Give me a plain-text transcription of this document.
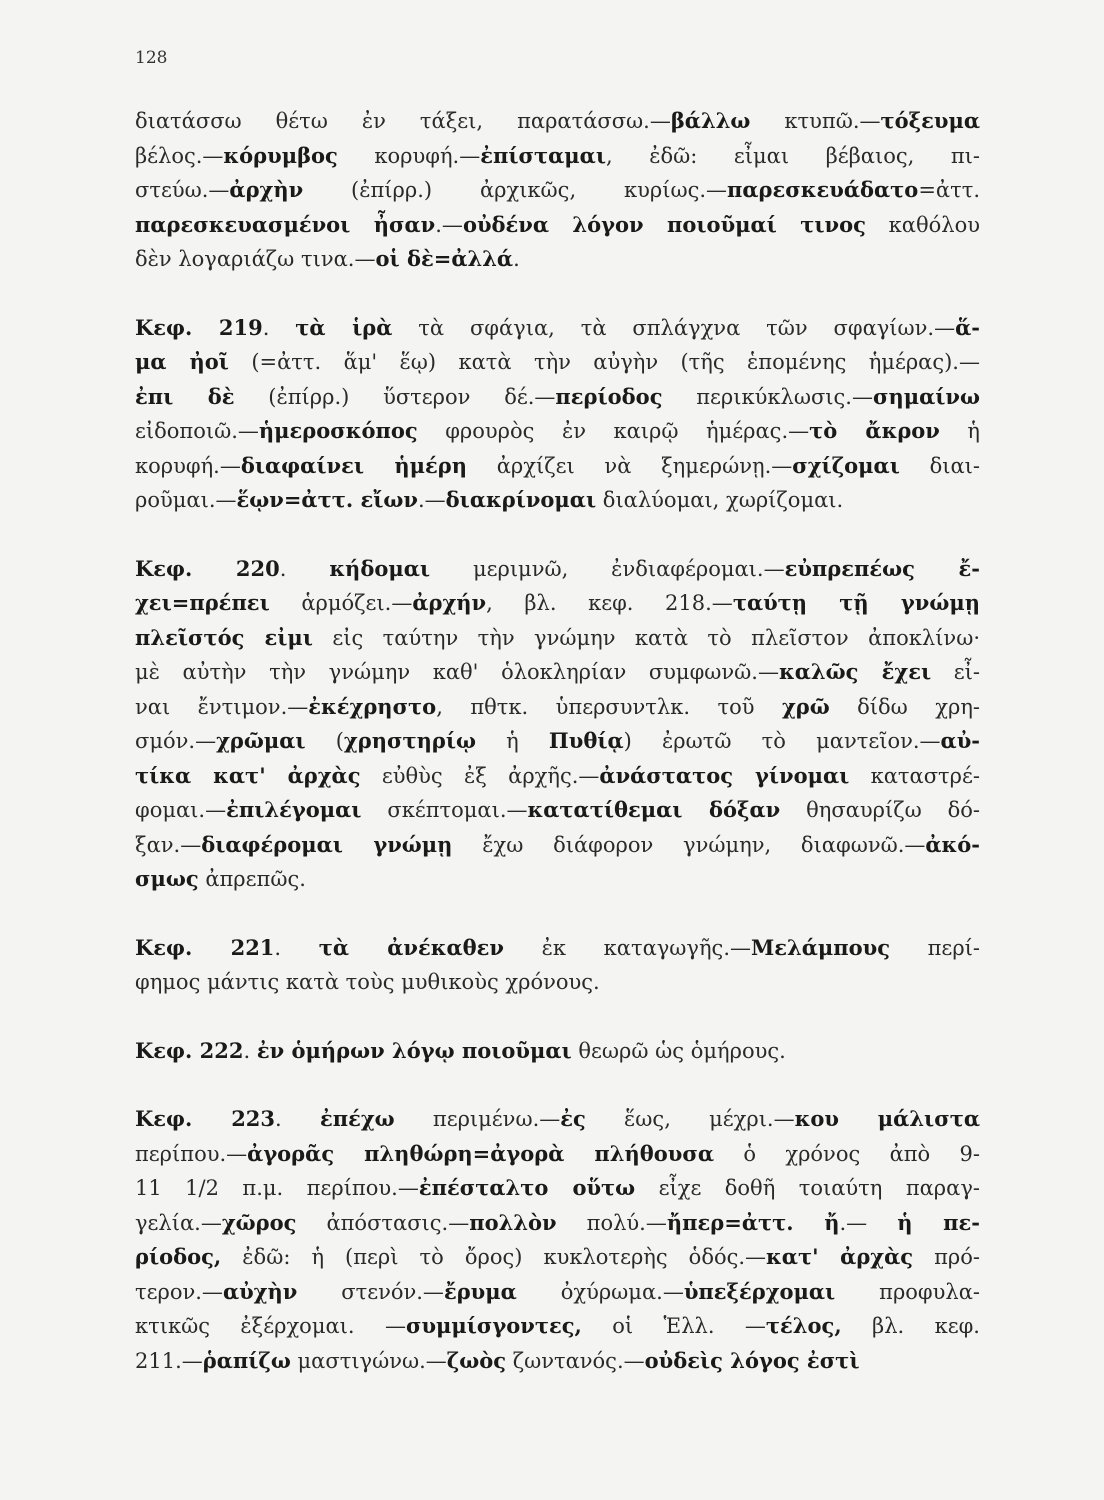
128
διατάσσω θέτω ἐν τάξει, παρατάσσω.—βάλλω κτυπῶ.—τόξευμα
βέλος.—κόρυμβος κορυφή.—ἐπίσταμαι, ἐδῶ: εἶμαι βέβαιος, πι-
στεύω.—ἀρχὴν (ἐπίρρ.) ἀρχικῶς, κυρίως.—παρεσκευάδατο=ἀττ.
παρεσκευασμένοι ἦσαν.—οὐδένα λόγον ποιοῦμαί τινος καθόλου
δὲν λογαριάζω τινα.—οἱ δὲ=ἀλλά.
Κεφ. 219. τὰ ἱρὰ τὰ σφάγια, τὰ σπλάγχνα τῶν σφαγίων.—ἅ-
μα ἠοῖ (=ἀττ. ἅμ' ἕῳ) κατὰ τὴν αὐγὴν (τῆς ἑπομένης ἡμέρας).—
ἐπι δὲ (ἐπίρρ.) ὕστερον δέ.—περίοδος περικύκλωσις.—σημαίνω
εἰδοποιῶ.—ἡμεροσκόπος φρουρὸς ἐν καιρῷ ἡμέρας.—τὸ ἄκρον ἡ
κορυφή.—διαφαίνει ἡμέρη ἀρχίζει νὰ ξημερώνῃ.—σχίζομαι διαι-
ροῦμαι.—ἕῳν=ἀττ. εἴων.—διακρίνομαι διαλύομαι, χωρίζομαι.
Κεφ. 220. κήδομαι μεριμνῶ, ἐνδιαφέρομαι.—εὐπρεπέως ἔ-
χει=πρέπει ἁρμόζει.—ἀρχήν, βλ. κεφ. 218.—ταύτῃ τῇ γνώμῃ
πλεῖστός εἰμι εἰς ταύτην τὴν γνώμην κατὰ τὸ πλεῖστον ἀποκλίνω·
μὲ αὐτὴν τὴν γνώμην καθ' ὁλοκληρίαν συμφωνῶ.—καλῶς ἔχει εἶ-
ναι ἔντιμον.—ἐκέχρηστο, πθτκ. ὑπερσυντλκ. τοῦ χρῶ δίδω χρη-
σμόν.—χρῶμαι (χρηστηρίῳ ἡ Πυθίᾳ) ἐρωτῶ τὸ μαντεῖον.—αὐ-
τίκα κατ' ἀρχὰς εὐθὺς ἐξ ἀρχῆς.—ἀνάστατος γίνομαι καταστρέ-
φομαι.—ἐπιλέγομαι σκέπτομαι.—κατατίθεμαι δόξαν θησαυρίζω δό-
ξαν.—διαφέρομαι γνώμῃ ἔχω διάφορον γνώμην, διαφωνῶ.—ἀκό-
σμως ἀπρεπῶς.
Κεφ. 221. τὰ ἀνέκαθεν ἐκ καταγωγῆς.—Μελάμπους περί-
φημος μάντις κατὰ τοὺς μυθικοὺς χρόνους.
Κεφ. 222. ἐν ὁμήρων λόγῳ ποιοῦμαι θεωρῶ ὡς ὁμήρους.
Κεφ. 223. ἐπέχω περιμένω.—ἐς ἕως, μέχρι.—κου μάλιστα
περίπου.—ἀγορᾶς πληθώρη=ἀγορὰ πλήθουσα ὁ χρόνος ἀπὸ 9-
11 1/2 π.μ. περίπου.—ἐπέσταλτο οὕτω εἶχε δοθῆ τοιαύτη παραγ-
γελία.—χῶρος ἀπόστασις.—πολλὸν πολύ.—ἤπερ=ἀττ. ἤ.— ἡ πε-
ρίοδος, ἐδῶ: ἡ (περὶ τὸ ὄρος) κυκλοτερὴς ὁδός.—κατ' ἀρχὰς πρό-
τερον.—αὐχὴν στενόν.—ἔρυμα ὀχύρωμα.—ὑπεξέρχομαι προφυλα-
κτικῶς ἐξέρχομαι. —συμμίσγοντες, οἱ Ἑλλ. —τέλος, βλ. κεφ.
211.—ῥαπίζω μαστιγώνω.—ζωὸς ζωντανός.—οὐδεὶς λόγος ἐστὶ
